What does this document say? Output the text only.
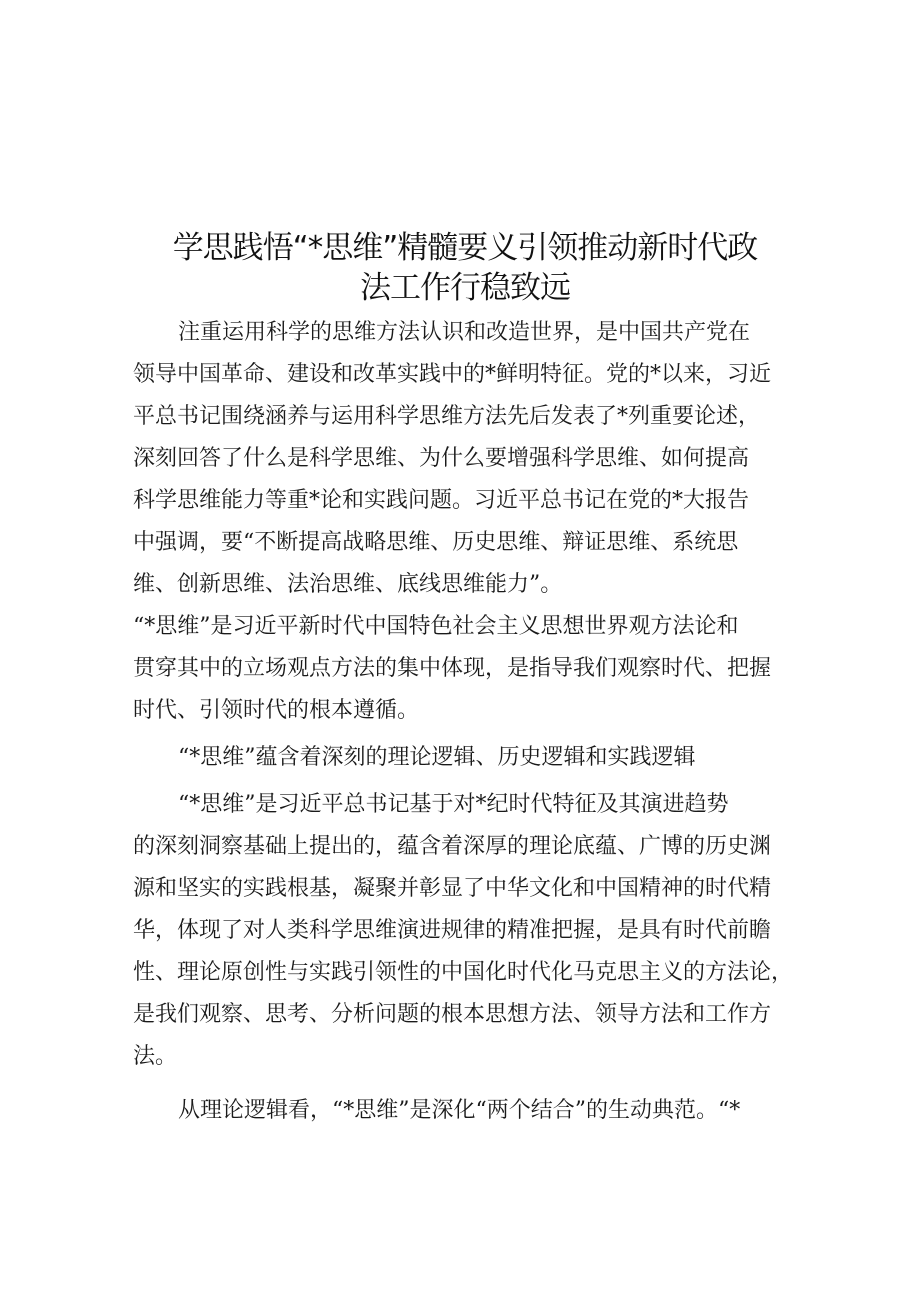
学思践悟“*思维”精髓要义引领推动新时代政
法工作行稳致远

注重运用科学的思维方法认识和改造世界，是中国共产党在

领导中国革命、建设和改革实践中的*鲜明特征。党的*以来，习近

平总书记围绕涵养与运用科学思维方法先后发表了*列重要论述，

深刻回答了什么是科学思维、为什么要增强科学思维、如何提高

科学思维能力等重*论和实践问题。习近平总书记在党的*大报告

中强调，要“不断提高战略思维、历史思维、辩证思维、系统思

维、创新思维、法治思维、底线思维能力”。

“*思维”是习近平新时代中国特色社会主义思想世界观方法论和

贯穿其中的立场观点方法的集中体现，是指导我们观察时代、把握

时代、引领时代的根本遵循。

“*思维”蕴含着深刻的理论逻辑、历史逻辑和实践逻辑

“*思维”是习近平总书记基于对*纪时代特征及其演进趋势

的深刻洞察基础上提出的，蕴含着深厚的理论底蕴、广博的历史渊

源和坚实的实践根基，凝聚并彰显了中华文化和中国精神的时代精

华，体现了对人类科学思维演进规律的精准把握，是具有时代前瞻

性、理论原创性与实践引领性的中国化时代化马克思主义的方法论，

是我们观察、思考、分析问题的根本思想方法、领导方法和工作方

法。

从理论逻辑看，“*思维”是深化“两个结合”的生动典范。“*
